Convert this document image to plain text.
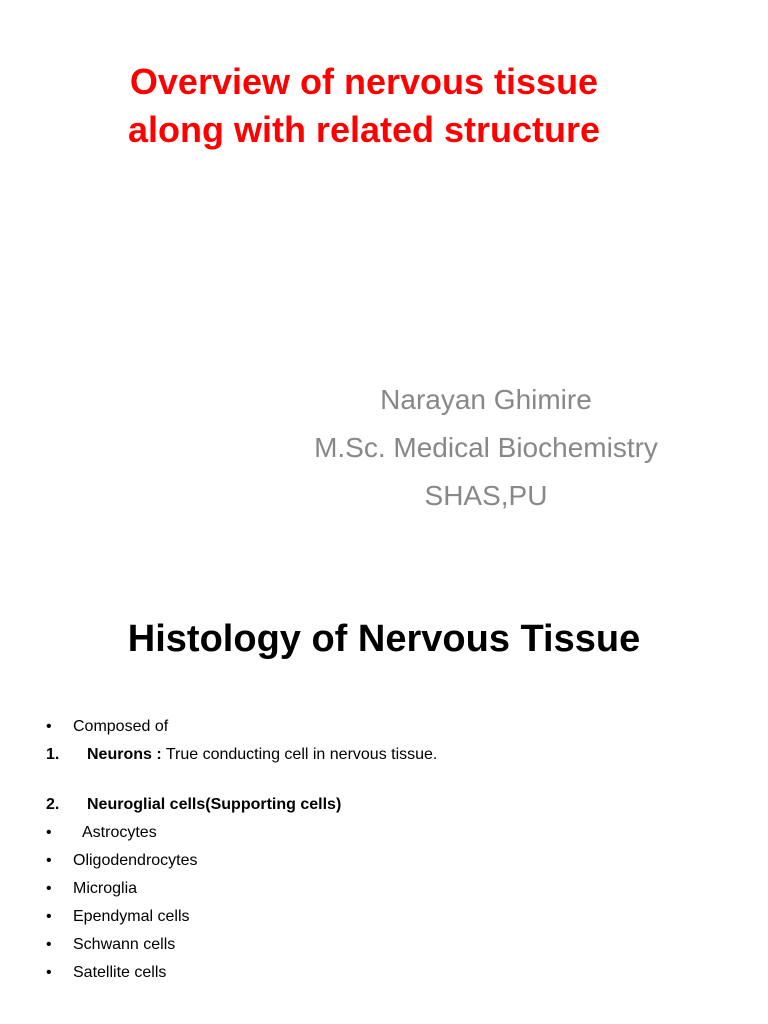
Overview of nervous tissue
along with related structure
Narayan Ghimire
M.Sc. Medical Biochemistry
SHAS,PU
Histology of Nervous Tissue
•	Composed of
1.	Neurons : True conducting cell in nervous tissue.
2.	Neuroglial cells(Supporting cells)
•	Astrocytes
•	Oligodendrocytes
•	Microglia
•	Ependymal cells
•	Schwann cells
•	Satellite cells
